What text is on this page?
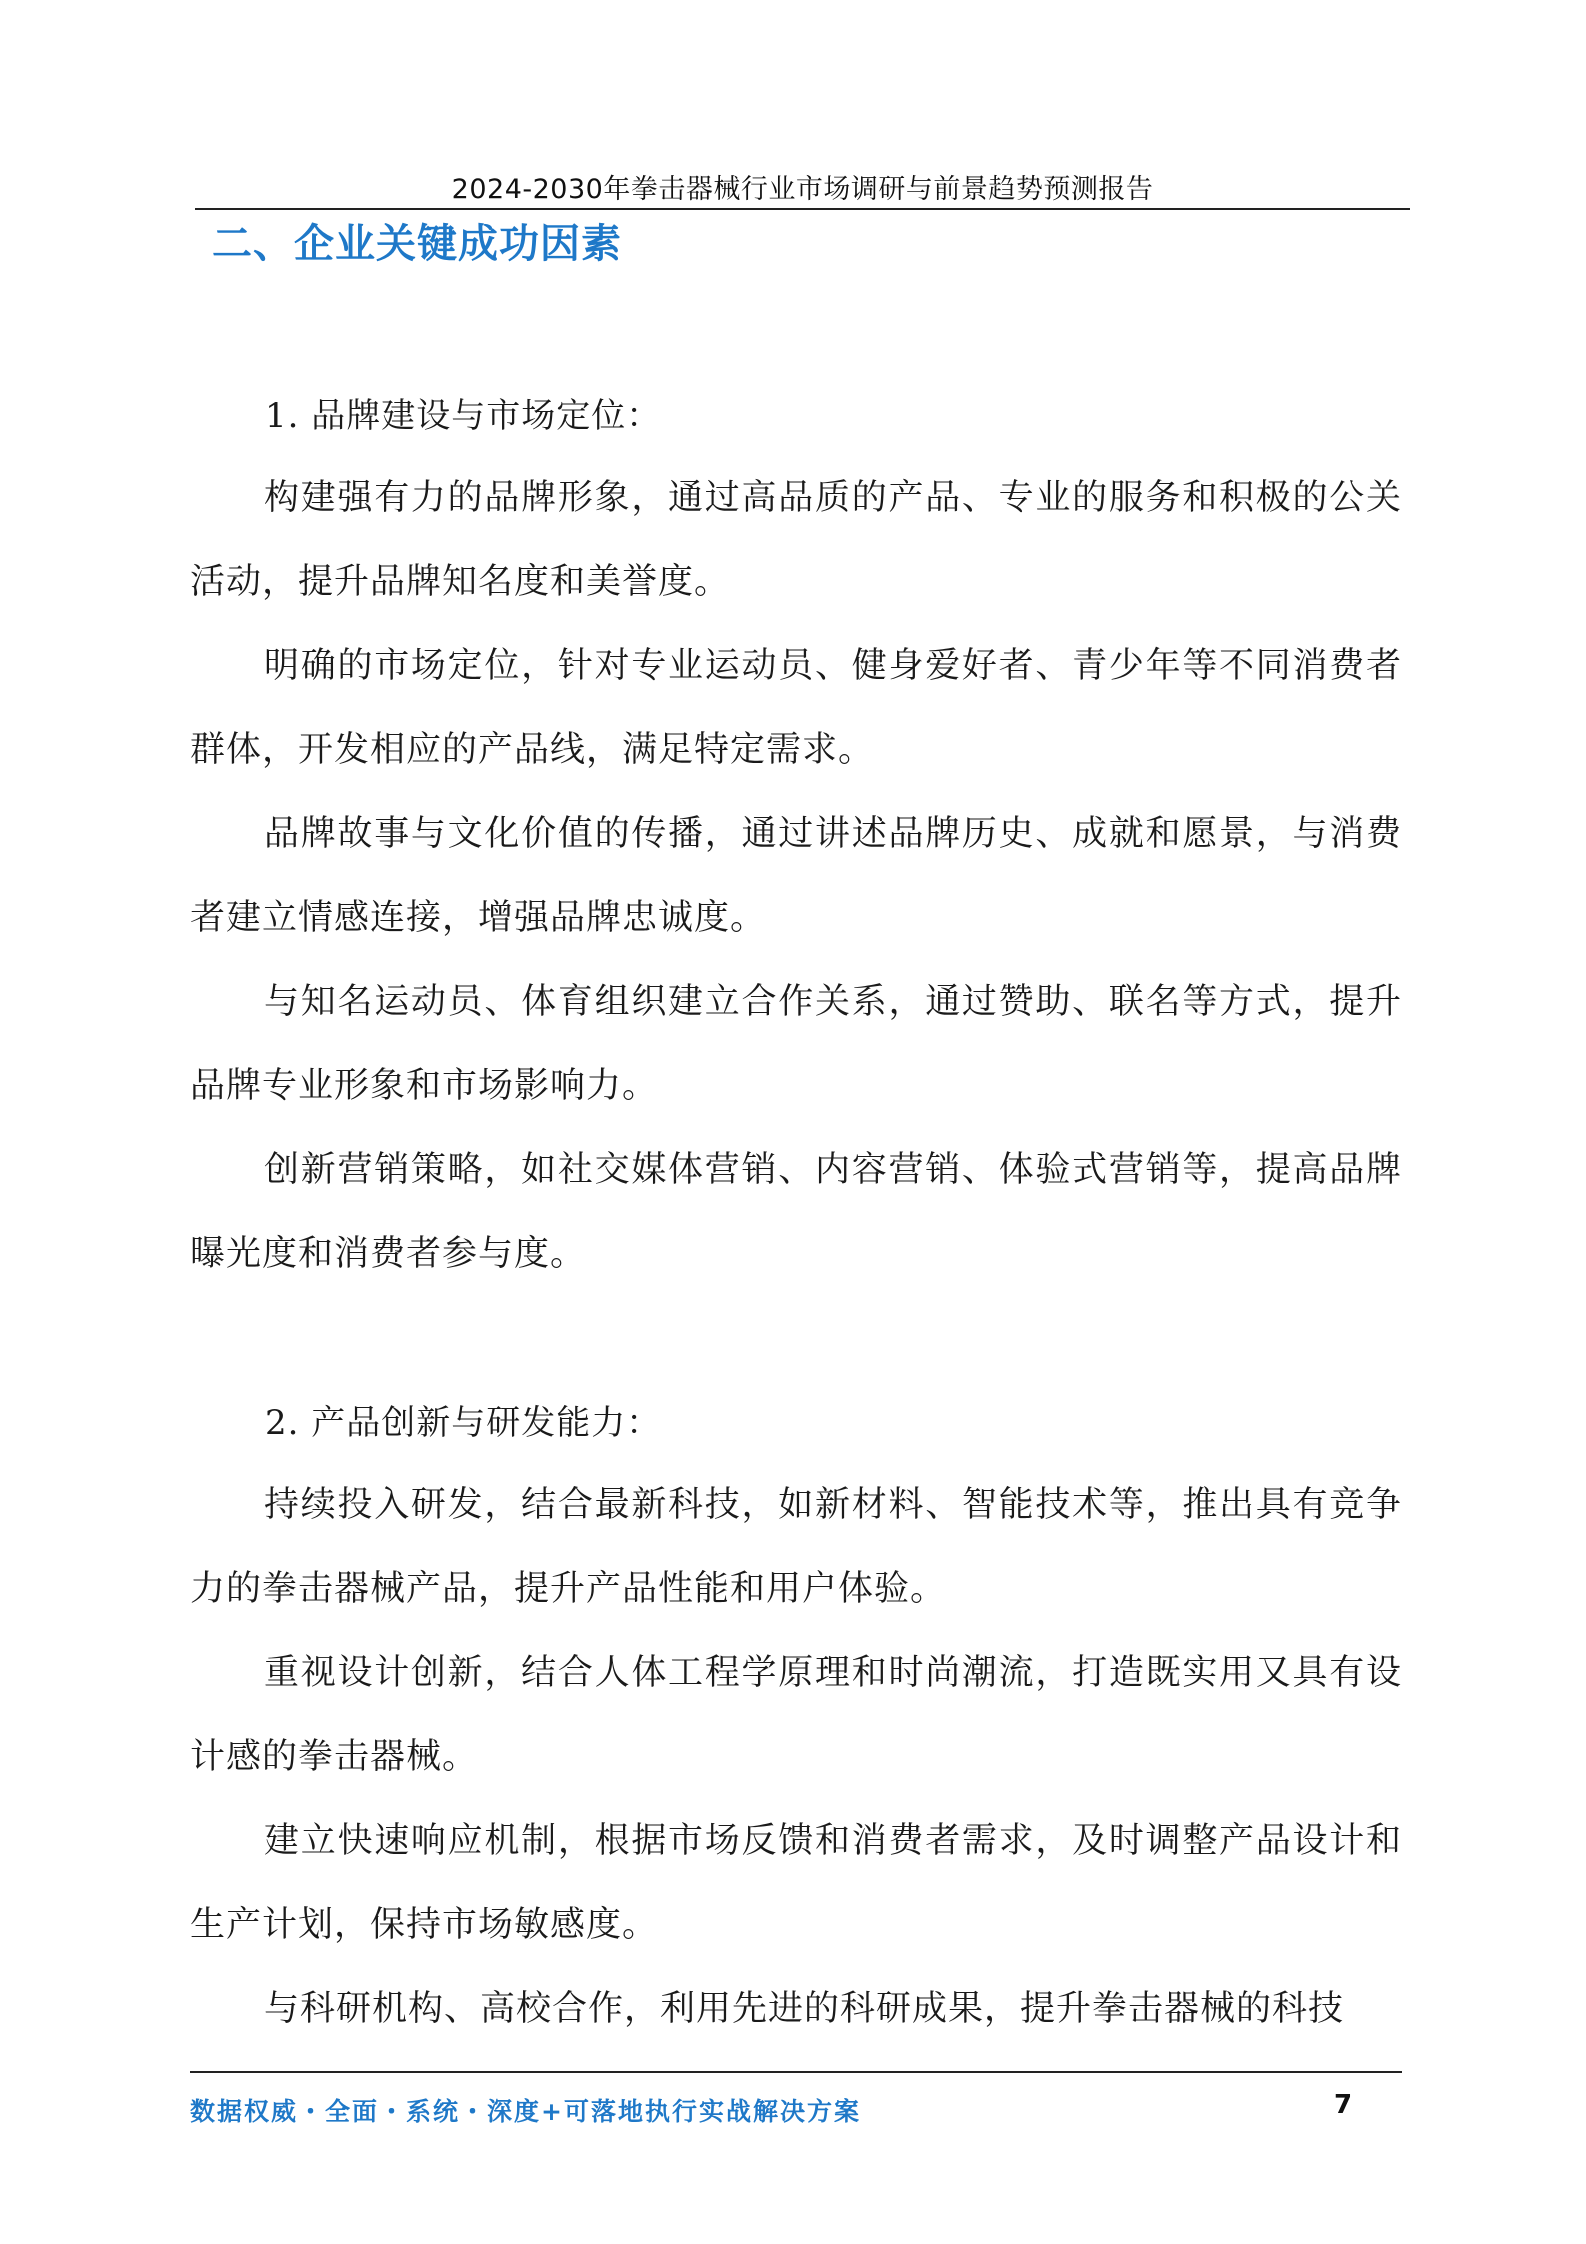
2024-2030年拳击器械行业市场调研与前景趋势预测报告
二、企业关键成功因素
1. 品牌建设与市场定位：
构建强有力的品牌形象，通过高品质的产品、专业的服务和积极的公关活动，提升品牌知名度和美誉度。
明确的市场定位，针对专业运动员、健身爱好者、青少年等不同消费者群体，开发相应的产品线，满足特定需求。
品牌故事与文化价值的传播，通过讲述品牌历史、成就和愿景，与消费者建立情感连接，增强品牌忠诚度。
与知名运动员、体育组织建立合作关系，通过赞助、联名等方式，提升品牌专业形象和市场影响力。
创新营销策略，如社交媒体营销、内容营销、体验式营销等，提高品牌曝光度和消费者参与度。
2. 产品创新与研发能力：
持续投入研发，结合最新科技，如新材料、智能技术等，推出具有竞争力的拳击器械产品，提升产品性能和用户体验。
重视设计创新，结合人体工程学原理和时尚潮流，打造既实用又具有设计感的拳击器械。
建立快速响应机制，根据市场反馈和消费者需求，及时调整产品设计和生产计划，保持市场敏感度。
与科研机构、高校合作，利用先进的科研成果，提升拳击器械的科技
数据权威・全面・系统・深度+可落地执行实战解决方案	7
